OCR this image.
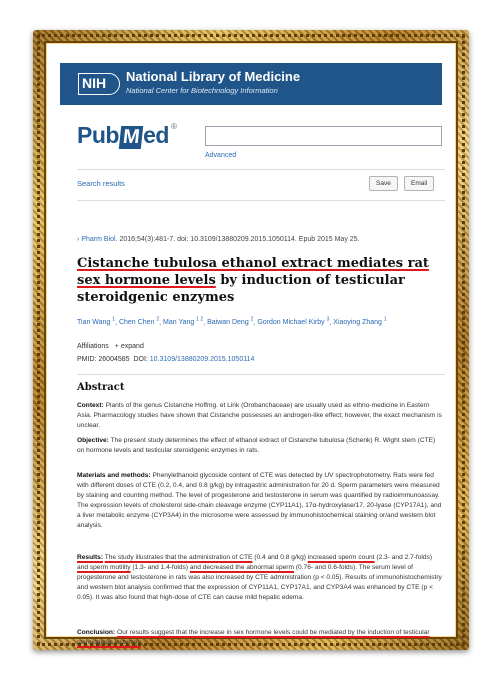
NIH	National Library of Medicine
National Center for Biotechnology Information
Pub M ed ®
Advanced
Search results	Save	Email
› Pharm Biol. 2016;54(3):481-7. doi: 10.3109/13880209.2015.1050114. Epub 2015 May 25.
Cistanche tubulosa ethanol extract mediates rat sex hormone levels by induction of testicular steroidgenic enzymes
Tian Wang $^1$, Chen Chen $^2$, Man Yang $^{1 2}$, Baiwan Deng $^2$, Gordon Michael Kirby $^3$, Xiaoying Zhang $^1$
Affiliations + expand
PMID: 26004585 DOI: 10.3109/13880209.2015.1050114
Abstract

Context: Plants of the genus Cistanche Hoffmg. et Link (Orobanchaceae) are usually used as ethno-medicine in Eastern Asia. Pharmacology studies have shown that Cistanche possesses an androgen-like effect; however, the exact mechanism is unclear.

Objective: The present study determines the effect of ethanol extract of Cistanche tubulosa (Schenk) R. Wight stem (CTE) on hormone levels and testicular steroidgenic enzymes in rats.

Materials and methods: Phenylethanoid glycoside content of CTE was detected by UV spectrophotometry. Rats were fed with different doses of CTE (0.2, 0.4, and 0.8 g/kg) by intragastric administration for 20 d. Sperm parameters were measured by staining and counting method. The level of progesterone and testosterone in serum was quantified by radioimmunoassay. The expression levels of cholesterol side-chain cleavage enzyme (CYP11A1), 17α-hydroxylase/17, 20-lyase (CYP17A1), and a liver metabolic enzyme (CYP3A4) in the microsome were assessed by immunohistochemical staining or/and western blot analysis.

Results: The study illustrates that the administration of CTE (0.4 and 0.8 g/kg) increased sperm count (2.3- and 2.7-folds) and sperm motility (1.3- and 1.4-folds) and decreased the abnormal sperm (0.76- and 0.6-folds). The serum level of progesterone and testosterone in rats was also increased by CTE administration (p < 0.05). Results of immunohistochemistry and western blot analysis confirmed that the expression of CYP11A1, CYP17A1, and CYP3A4 was enhanced by CTE (p < 0.05). It was also found that high-dose of CTE can cause mild hepatic edema.

Conclusion: Our results suggest that the increase in sex hormone levels could be mediated by the induction of testicular steroidgenic enzymes.
